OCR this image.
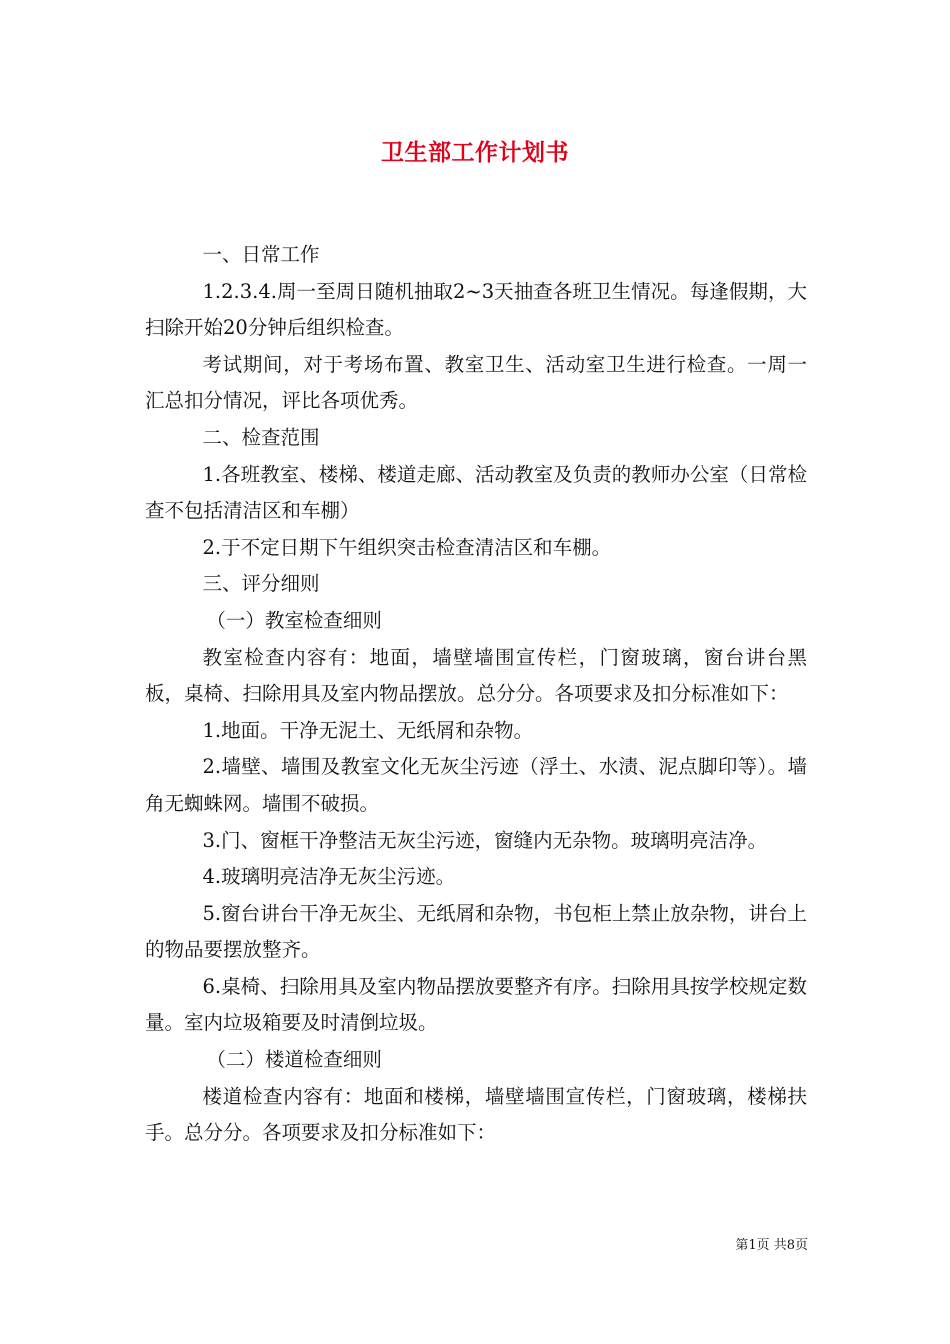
卫生部工作计划书

一、日常工作

1.2.3.4.周一至周日随机抽取2~3天抽查各班卫生情况。每逢假期，大扫除开始20分钟后组织检查。

考试期间，对于考场布置、教室卫生、活动室卫生进行检查。一周一汇总扣分情况，评比各项优秀。

二、检查范围

1.各班教室、楼梯、楼道走廊、活动教室及负责的教师办公室（日常检查不包括清洁区和车棚）

2.于不定日期下午组织突击检查清洁区和车棚。

三、评分细则

（一）教室检查细则

教室检查内容有：地面，墙壁墙围宣传栏，门窗玻璃，窗台讲台黑板，桌椅、扫除用具及室内物品摆放。总分分。各项要求及扣分标准如下：

1.地面。干净无泥土、无纸屑和杂物。

2.墙壁、墙围及教室文化无灰尘污迹（浮土、水渍、泥点脚印等）。墙角无蜘蛛网。墙围不破损。

3.门、窗框干净整洁无灰尘污迹，窗缝内无杂物。玻璃明亮洁净。

4.玻璃明亮洁净无灰尘污迹。

5.窗台讲台干净无灰尘、无纸屑和杂物，书包柜上禁止放杂物，讲台上的物品要摆放整齐。

6.桌椅、扫除用具及室内物品摆放要整齐有序。扫除用具按学校规定数量。室内垃圾箱要及时清倒垃圾。

（二）楼道检查细则

楼道检查内容有：地面和楼梯，墙壁墙围宣传栏，门窗玻璃，楼梯扶手。总分分。各项要求及扣分标准如下：

第1页 共8页
